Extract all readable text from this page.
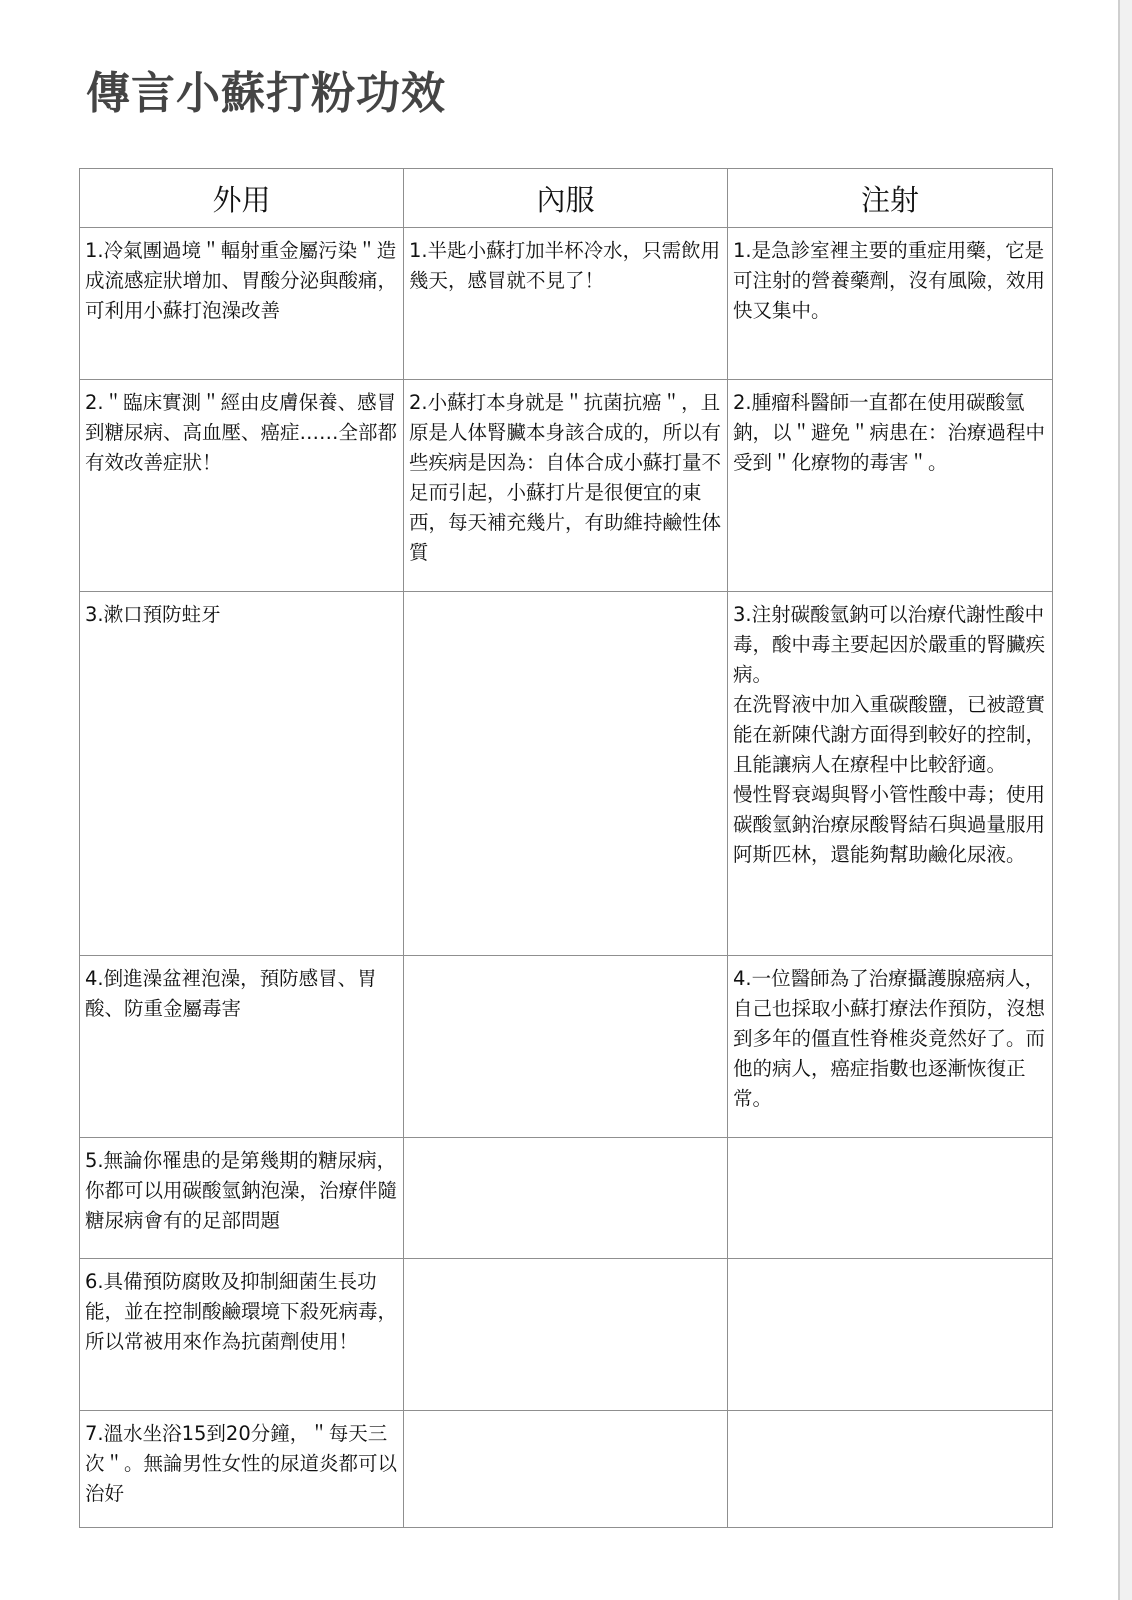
傳言小蘇打粉功效
外用	內服	注射

1.冷氣團過境＂輻射重金屬污染＂造成流感症狀增加、胃酸分泌與酸痛，可利用小蘇打泡澡改善	1.半匙小蘇打加半杯冷水，只需飲用幾天，感冒就不見了！	1.是急診室裡主要的重症用藥，它是可注射的營養藥劑，沒有風險，效用快又集中。

2.＂臨床實測＂經由皮膚保養、感冒到糖尿病、高血壓、癌症……全部都有效改善症狀！	2.小蘇打本身就是＂抗菌抗癌＂，且原是人体腎臟本身該合成的，所以有些疾病是因為：自体合成小蘇打量不足而引起，小蘇打片是很便宜的東西，每天補充幾片，有助維持鹼性体質	2.腫瘤科醫師一直都在使用碳酸氫鈉，以＂避免＂病患在：治療過程中受到＂化療物的毒害＂。

3.漱口預防蛀牙		3.注射碳酸氫鈉可以治療代謝性酸中毒，酸中毒主要起因於嚴重的腎臟疾病。
在洗腎液中加入重碳酸鹽，已被證實能在新陳代謝方面得到較好的控制，且能讓病人在療程中比較舒適。
慢性腎衰竭與腎小管性酸中毒；使用碳酸氫鈉治療尿酸腎結石與過量服用阿斯匹林，還能夠幫助鹼化尿液。

4.倒進澡盆裡泡澡，預防感冒、胃酸、防重金屬毒害		4.一位醫師為了治療攝護腺癌病人，自己也採取小蘇打療法作預防，沒想到多年的僵直性脊椎炎竟然好了。而他的病人，癌症指數也逐漸恢復正常。

5.無論你罹患的是第幾期的糖尿病，你都可以用碳酸氫鈉泡澡，治療伴隨糖尿病會有的足部問題		

6.具備預防腐敗及抑制細菌生長功能，並在控制酸鹼環境下殺死病毒，所以常被用來作為抗菌劑使用！		

7.溫水坐浴15到20分鐘，＂每天三次＂。無論男性女性的尿道炎都可以治好		
